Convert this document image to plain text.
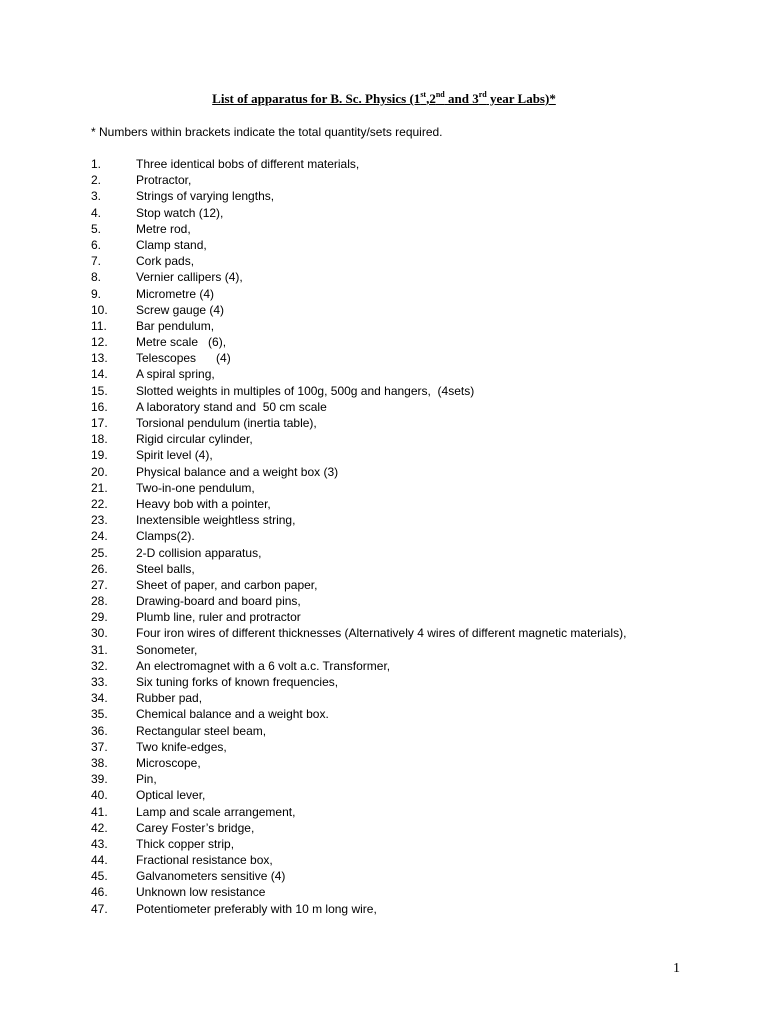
List of apparatus for B. Sc. Physics (1st,2nd and 3rd year Labs)*
* Numbers within brackets indicate the total quantity/sets required.
1.	Three identical bobs of different materials,
2.	Protractor,
3.	Strings of varying lengths,
4.	Stop watch (12),
5.	Metre rod,
6.	Clamp stand,
7.	Cork pads,
8.	Vernier callipers (4),
9.	Micrometre (4)
10.	Screw gauge (4)
11.	Bar pendulum,
12.	Metre scale   (6),
13.	Telescopes      (4)
14.	A spiral spring,
15.	Slotted weights in multiples of 100g, 500g and hangers,  (4sets)
16.	A laboratory stand and  50 cm scale
17.	Torsional pendulum (inertia table),
18.	Rigid circular cylinder,
19.	Spirit level (4),
20.	Physical balance and a weight box (3)
21.	Two-in-one pendulum,
22.	Heavy bob with a pointer,
23.	Inextensible weightless string,
24.	Clamps(2).
25.	2-D collision apparatus,
26.	Steel balls,
27.	Sheet of paper, and carbon paper,
28.	Drawing-board and board pins,
29.	Plumb line, ruler and protractor
30.	Four iron wires of different thicknesses (Alternatively 4 wires of different magnetic materials),
31.	Sonometer,
32.	An electromagnet with a 6 volt a.c. Transformer,
33.	Six tuning forks of known frequencies,
34.	Rubber pad,
35.	Chemical balance and a weight box.
36.	Rectangular steel beam,
37.	Two knife-edges,
38.	Microscope,
39.	Pin,
40.	Optical lever,
41.	Lamp and scale arrangement,
42.	Carey Foster’s bridge,
43.	Thick copper strip,
44.	Fractional resistance box,
45.	Galvanometers sensitive (4)
46.	Unknown low resistance
47.	Potentiometer preferably with 10 m long wire,
1
